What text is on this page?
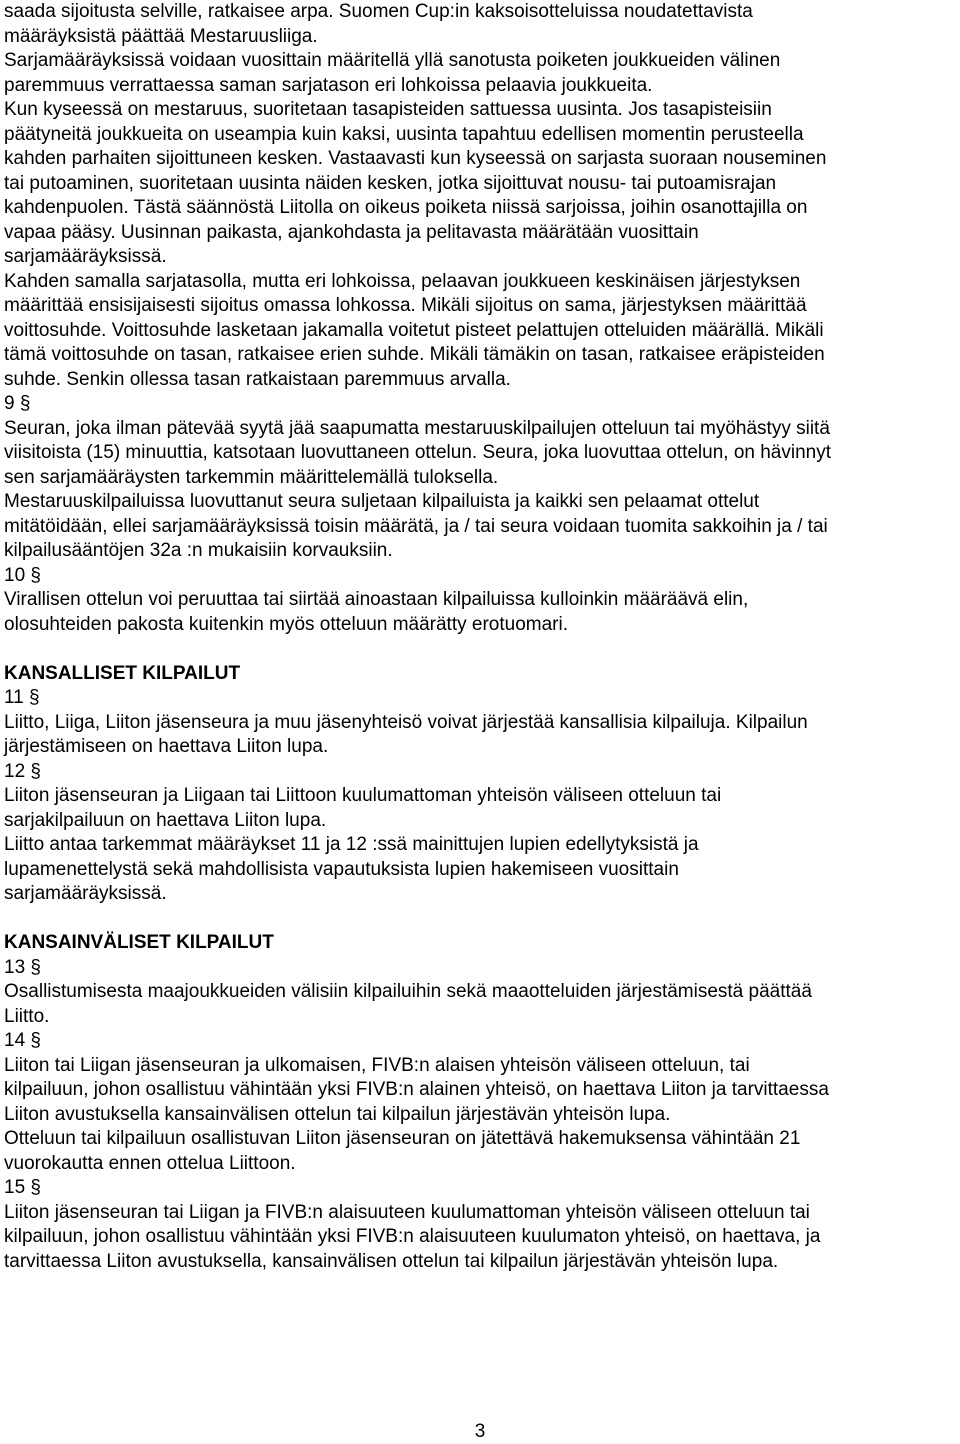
saada sijoitusta selville, ratkaisee arpa. Suomen Cup:in kaksoisotteluissa noudatettavista
määräyksistä päättää Mestaruusliiga.
Sarjamääräyksissä voidaan vuosittain määritellä yllä sanotusta poiketen joukkueiden välinen
paremmuus verrattaessa saman sarjatason eri lohkoissa pelaavia joukkueita.
Kun kyseessä on mestaruus, suoritetaan tasapisteiden sattuessa uusinta. Jos tasapisteisiin
päätyneitä joukkueita on useampia kuin kaksi, uusinta tapahtuu edellisen momentin perusteella
kahden parhaiten sijoittuneen kesken. Vastaavasti kun kyseessä on sarjasta suoraan nouseminen
tai putoaminen, suoritetaan uusinta näiden kesken, jotka sijoittuvat nousu- tai putoamisrajan
kahdenpuolen. Tästä säännöstä Liitolla on oikeus poiketa niissä sarjoissa, joihin osanottajilla on
vapaa pääsy. Uusinnan paikasta, ajankohdasta ja pelitavasta määrätään vuosittain
sarjamääräyksissä.
Kahden samalla sarjatasolla, mutta eri lohkoissa, pelaavan joukkueen keskinäisen järjestyksen
määrittää ensisijaisesti sijoitus omassa lohkossa. Mikäli sijoitus on sama, järjestyksen määrittää
voittosuhde. Voittosuhde lasketaan jakamalla voitetut pisteet pelattujen otteluiden määrällä. Mikäli
tämä voittosuhde on tasan, ratkaisee erien suhde. Mikäli tämäkin on tasan, ratkaisee eräpisteiden
suhde. Senkin ollessa tasan ratkaistaan paremmuus arvalla.
9 §
Seuran, joka ilman pätevää syytä jää saapumatta mestaruuskilpailujen otteluun tai myöhästyy siitä
viisitoista (15) minuuttia, katsotaan luovuttaneen ottelun. Seura, joka luovuttaa ottelun, on hävinnyt
sen sarjamääräysten tarkemmin määrittelemällä tuloksella.
Mestaruuskilpailuissa luovuttanut seura suljetaan kilpailuista ja kaikki sen pelaamat ottelut
mitätöidään, ellei sarjamääräyksissä toisin määrätä, ja / tai seura voidaan tuomita sakkoihin ja / tai
kilpailusääntöjen 32a :n mukaisiin korvauksiin.
10 §
Virallisen ottelun voi peruuttaa tai siirtää ainoastaan kilpailuissa kulloinkin määräävä elin,
olosuhteiden pakosta kuitenkin myös otteluun määrätty erotuomari.
KANSALLISET KILPAILUT
11 §
Liitto, Liiga, Liiton jäsenseura ja muu jäsenyhteisö voivat järjestää kansallisia kilpailuja. Kilpailun
järjestämiseen on haettava Liiton lupa.
12 §
Liiton jäsenseuran ja Liigaan tai Liittoon kuulumattoman yhteisön väliseen otteluun tai
sarjakilpailuun on haettava Liiton lupa.
Liitto antaa tarkemmat määräykset 11 ja 12 :ssä mainittujen lupien edellytyksistä ja
lupamenettelystä sekä mahdollisista vapautuksista lupien hakemiseen vuosittain
sarjamääräyksissä.
KANSAINVÄLISET KILPAILUT
13 §
Osallistumisesta maajoukkueiden välisiin kilpailuihin sekä maaotteluiden järjestämisestä päättää
Liitto.
14 §
Liiton tai Liigan jäsenseuran ja ulkomaisen, FIVB:n alaisen yhteisön väliseen otteluun, tai
kilpailuun, johon osallistuu vähintään yksi FIVB:n alainen yhteisö, on haettava Liiton ja tarvittaessa
Liiton avustuksella kansainvälisen ottelun tai kilpailun järjestävän yhteisön lupa.
Otteluun tai kilpailuun osallistuvan Liiton jäsenseuran on jätettävä hakemuksensa vähintään 21
vuorokautta ennen ottelua Liittoon.
15 §
Liiton jäsenseuran tai Liigan ja FIVB:n alaisuuteen kuulumattoman yhteisön väliseen otteluun tai
kilpailuun, johon osallistuu vähintään yksi FIVB:n alaisuuteen kuulumaton yhteisö, on haettava, ja
tarvittaessa Liiton avustuksella, kansainvälisen ottelun tai kilpailun järjestävän yhteisön lupa.
3
